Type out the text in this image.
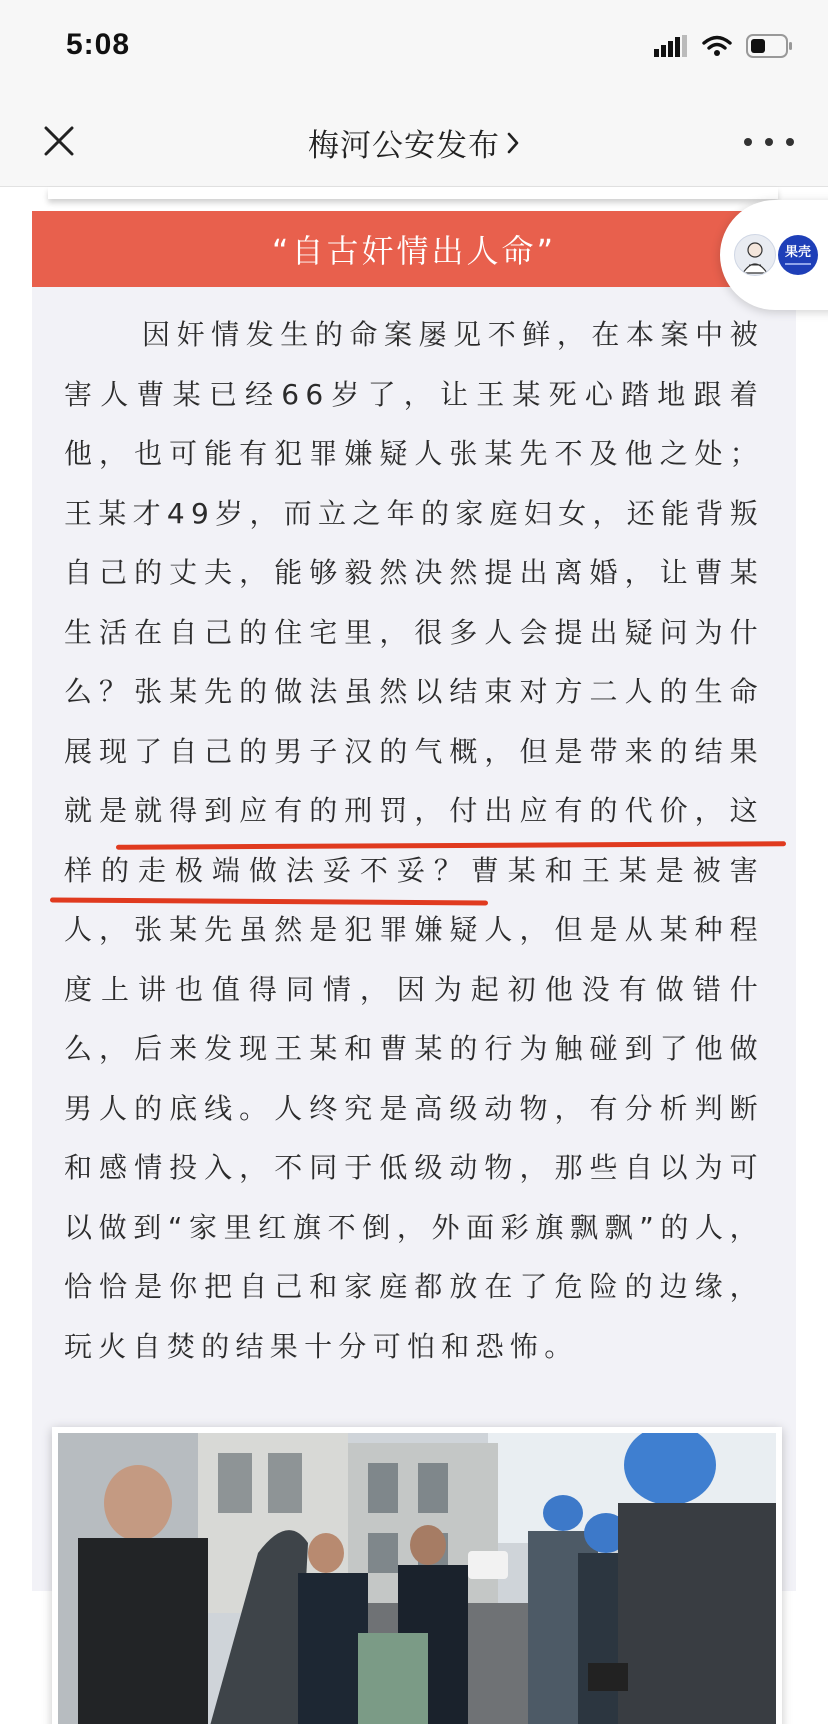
5:08
梅河公安发布
“自古奸情出人命”

因奸情发生的命案屡见不鲜，在本案中被害人曹某已经66岁了，让王某死心踏地跟着他，也可能有犯罪嫌疑人张某先不及他之处；王某才49岁，而立之年的家庭妇女，还能背叛自己的丈夫，能够毅然决然提出离婚，让曹某生活在自己的住宅里，很多人会提出疑问为什么？张某先的做法虽然以结束对方二人的生命展现了自己的男子汉的气概，但是带来的结果就是就得到应有的刑罚，付出应有的代价，这样的走极端做法妥不妥？曹某和王某是被害人，张某先虽然是犯罪嫌疑人，但是从某种程度上讲也值得同情，因为起初他没有做错什么，后来发现王某和曹某的行为触碰到了他做男人的底线。人终究是高级动物，有分析判断和感情投入，不同于低级动物，那些自以为可以做到“家里红旗不倒，外面彩旗飘飘”的人，恰恰是你把自己和家庭都放在了危险的边缘，玩火自焚的结果十分可怕和恐怖。

果壳
